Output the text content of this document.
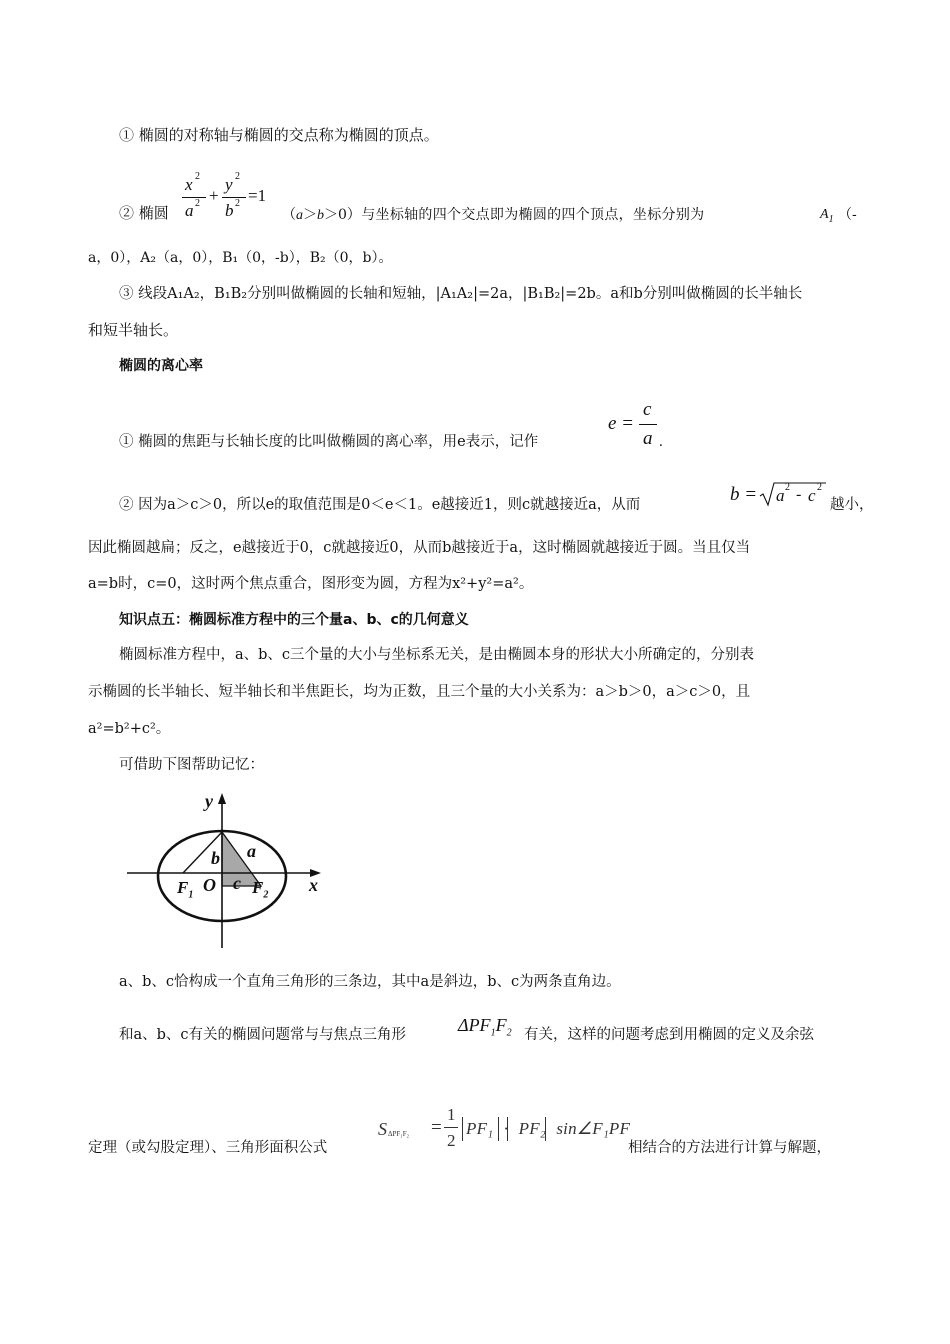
① 椭圆的对称轴与椭圆的交点称为椭圆的顶点。
② 椭圆
x 2
a 2 +
y 2
b 2 =1
（a＞b＞0）与坐标轴的四个交点即为椭圆的四个顶点，坐标分别为	$A_1$ （-
a，0），A₂（a，0），B₁（0，-b），B₂（0，b）。
③ 线段A₁A₂，B₁B₂分别叫做椭圆的长轴和短轴，|A₁A₂|=2a，|B₁B₂|=2b。a和b分别叫做椭圆的长半轴长
和短半轴长。
椭圆的离心率
① 椭圆的焦距与长轴长度的比叫做椭圆的离心率，用e表示，记作
e =
c
a .
② 因为a＞c＞0，所以e的取值范围是0＜e＜1。e越接近1，则c就越接近a，从而	b = a 2 - c 2
越小，
因此椭圆越扁；反之，e越接近于0，c就越接近0，从而b越接近于a，这时椭圆就越接近于圆。当且仅当
a=b时，c=0，这时两个焦点重合，图形变为圆，方程为x²+y²=a²。
知识点五：椭圆标准方程中的三个量a、b、c的几何意义
椭圆标准方程中，a、b、c三个量的大小与坐标系无关，是由椭圆本身的形状大小所确定的，分别表
示椭圆的长半轴长、短半轴长和半焦距长，均为正数，且三个量的大小关系为：a＞b＞0，a＞c＞0，且
a²=b²+c²。
可借助下图帮助记忆：
y
x
O
$F_1$	$F_2$
b a
c
a、b、c恰构成一个直角三角形的三条边，其中a是斜边，b、c为两条直角边。
和a、b、c有关的椭圆问题常与与焦点三角形	$\Delta PF_1F_2$ 有关，这样的问题考虑到用椭圆的定义及余弦
定理（或勾股定理）、三角形面积公式
S ΔPF₁F₂ =
1
2
PF₁ · PF₂ sin∠F₁PF
相结合的方法进行计算与解题，
